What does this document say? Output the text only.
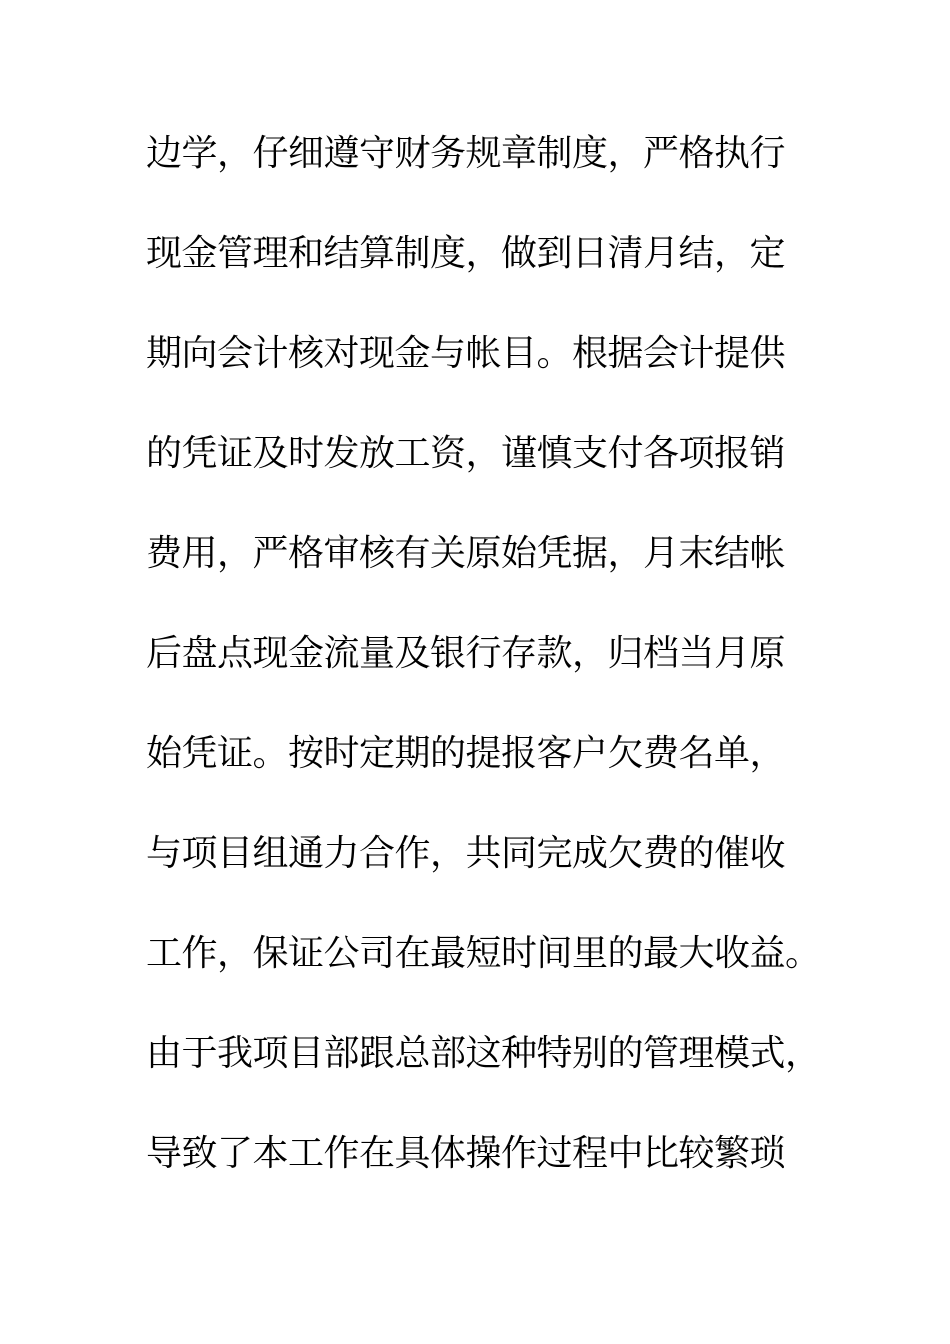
边学，仔细遵守财务规章制度，严格执行
现金管理和结算制度，做到日清月结，定
期向会计核对现金与帐目。根据会计提供
的凭证及时发放工资，谨慎支付各项报销
费用，严格审核有关原始凭据，月末结帐
后盘点现金流量及银行存款，归档当月原
始凭证。按时定期的提报客户欠费名单，
与项目组通力合作，共同完成欠费的催收
工作，保证公司在最短时间里的最大收益。
由于我项目部跟总部这种特别的管理模式，
导致了本工作在具体操作过程中比较繁琐
